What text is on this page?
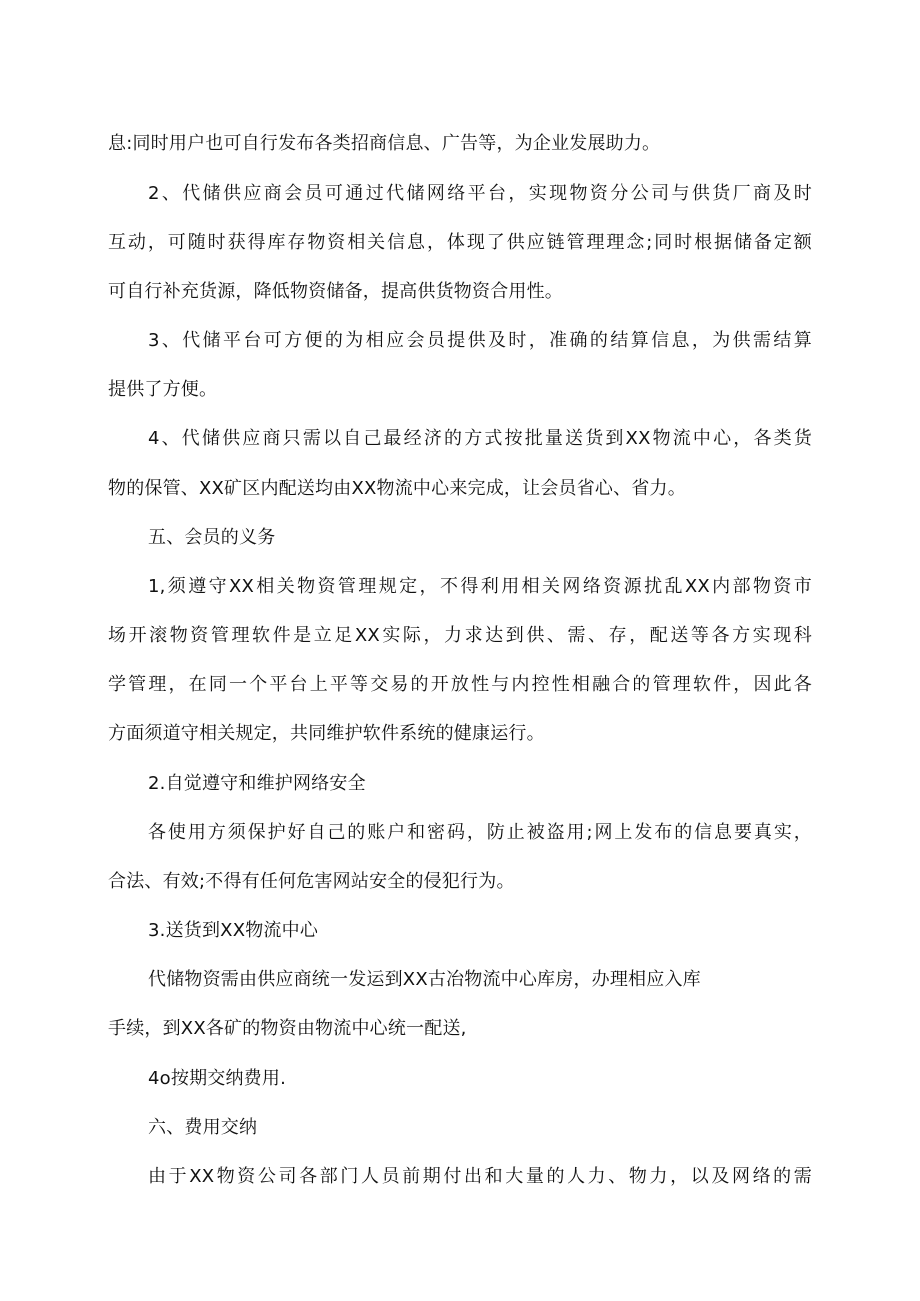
息:同时用户也可自行发布各类招商信息、广告等，为企业发展助力。
2、代储供应商会员可通过代储网络平台，实现物资分公司与供货厂商及时
互动，可随时获得库存物资相关信息，体现了供应链管理理念;同时根据储备定额
可自行补充货源，降低物资储备，提高供货物资合用性。
3、代储平台可方便的为相应会员提供及时，准确的结算信息，为供需结算
提供了方便。
4、代储供应商只需以自己最经济的方式按批量送货到XX物流中心，各类货
物的保管、XX矿区内配送均由XX物流中心来完成，让会员省心、省力。
五、会员的义务
1,须遵守XX相关物资管理规定，不得利用相关网络资源扰乱XX内部物资市
场开滚物资管理软件是立足XX实际，力求达到供、需、存，配送等各方实现科
学管理，在同一个平台上平等交易的开放性与内控性相融合的管理软件，因此各
方面须道守相关规定，共同维护软件系统的健康运行。
2.自觉遵守和维护网络安全
各使用方须保护好自己的账户和密码，防止被盗用;网上发布的信息要真实，
合法、有效;不得有任何危害网站安全的侵犯行为。
3.送货到XX物流中心
代储物资需由供应商统一发运到XX古冶物流中心库房，办理相应入库
手续，到XX各矿的物资由物流中心统一配送,
4o按期交纳费用.
六、费用交纳
由于XX物资公司各部门人员前期付出和大量的人力、物力，以及网络的需
